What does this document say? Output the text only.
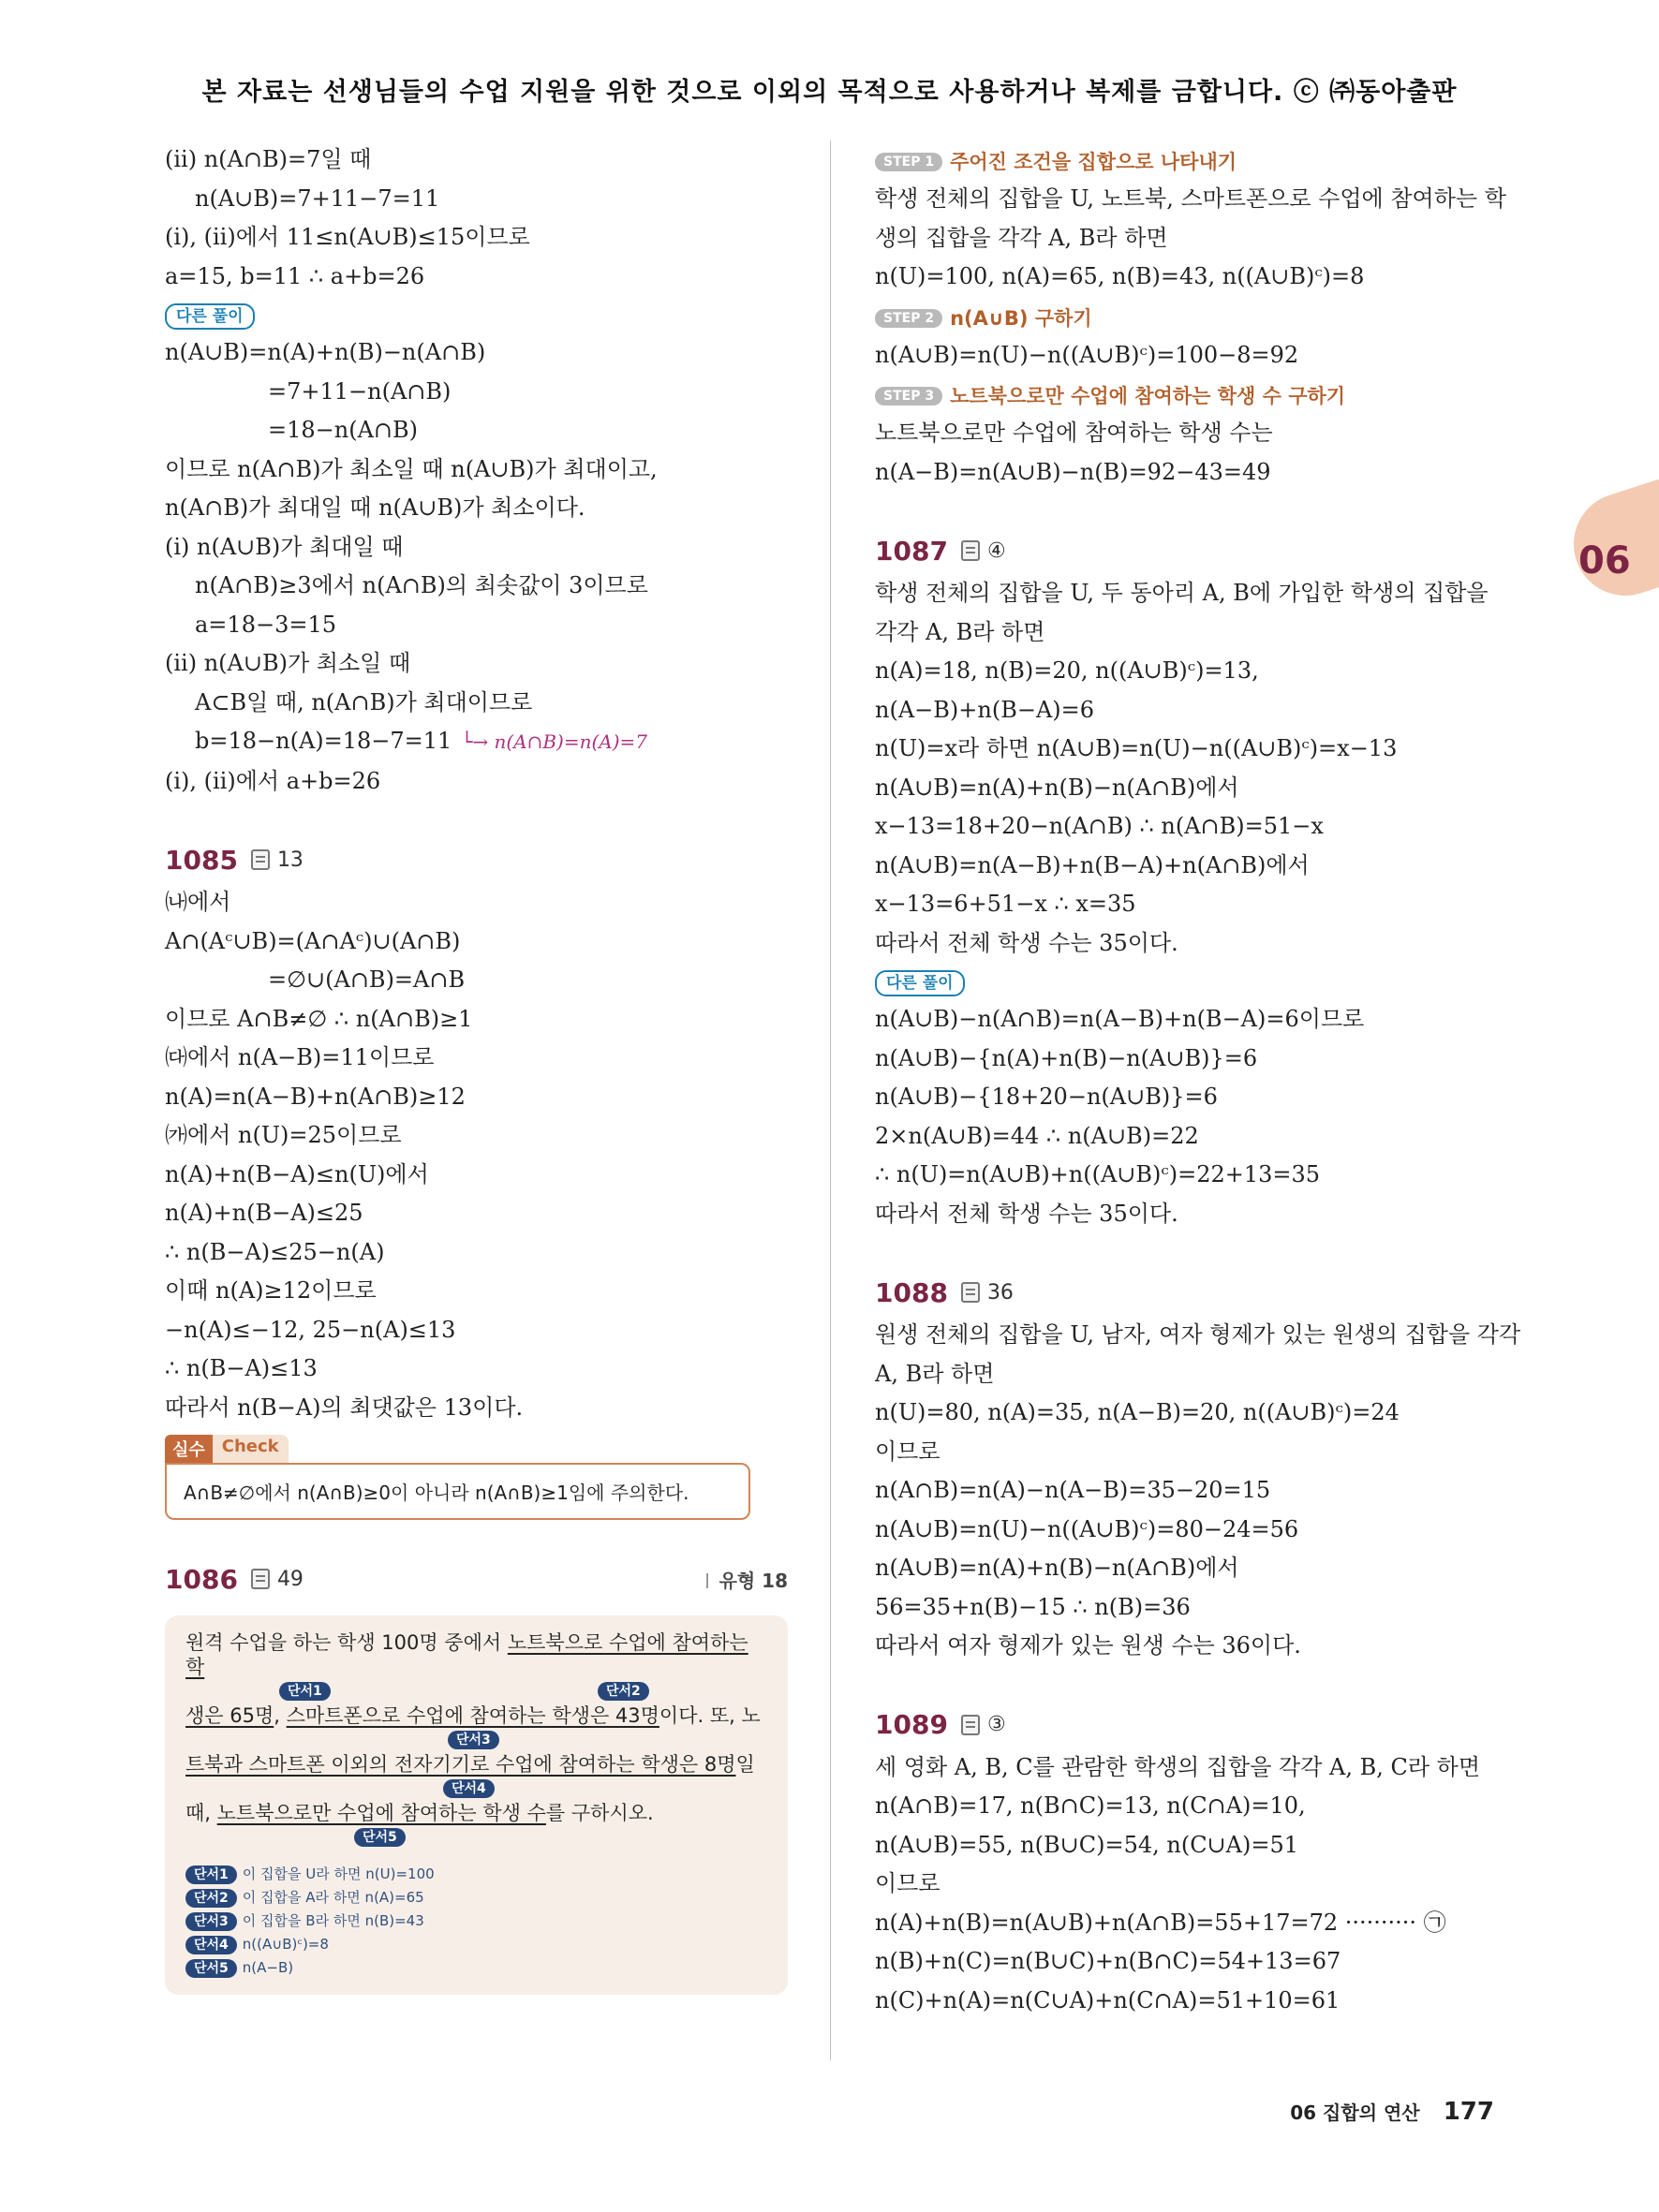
본 자료는 선생님들의 수업 지원을 위한 것으로 이외의 목적으로 사용하거나 복제를 금합니다. ⓒ ㈜동아출판
(ⅱ) n(A∩B)=7일 때
n(A∪B)=7+11−7=11
(ⅰ), (ⅱ)에서 11≤n(A∪B)≤15이므로
a=15, b=11 ∴ a+b=26
다른 풀이
n(A∪B)=n(A)+n(B)−n(A∩B)
=7+11−n(A∩B)
=18−n(A∩B)
이므로 n(A∩B)가 최소일 때 n(A∪B)가 최대이고,
n(A∩B)가 최대일 때 n(A∪B)가 최소이다.
(ⅰ) n(A∪B)가 최대일 때
n(A∩B)≥3에서 n(A∩B)의 최솟값이 3이므로
a=18−3=15
(ⅱ) n(A∪B)가 최소일 때
A⊂B일 때, n(A∩B)가 최대이므로
b=18−n(A)=18−7=11 └→ n(A∩B)=n(A)=7
(ⅰ), (ⅱ)에서 a+b=26
1085 13
㈏에서
A∩(Aᶜ∪B)=(A∩Aᶜ)∪(A∩B)
=∅∪(A∩B)=A∩B
이므로 A∩B≠∅ ∴ n(A∩B)≥1
㈐에서 n(A−B)=11이므로
n(A)=n(A−B)+n(A∩B)≥12
㈎에서 n(U)=25이므로
n(A)+n(B−A)≤n(U)에서
n(A)+n(B−A)≤25
∴ n(B−A)≤25−n(A)
이때 n(A)≥12이므로
−n(A)≤−12, 25−n(A)≤13
∴ n(B−A)≤13
따라서 n(B−A)의 최댓값은 13이다.
실수	Check
A∩B≠∅에서 n(A∩B)≥0이 아니라 n(A∩B)≥1임에 주의한다.
1086 49	유형 18
원격 수업을 하는 학생 100명 중에서 노트북으로 수업에 참여하는 학
단서1	단서2
생은 65명, 스마트폰으로 수업에 참여하는 학생은 43명이다. 또, 노
단서3
트북과 스마트폰 이외의 전자기기로 수업에 참여하는 학생은 8명일
단서4
때, 노트북으로만 수업에 참여하는 학생 수를 구하시오.
단서5
단서1 이 집합을 U라 하면 n(U)=100
단서2 이 집합을 A라 하면 n(A)=65
단서3 이 집합을 B라 하면 n(B)=43
단서4 n((A∪B)ᶜ)=8
단서5 n(A−B)
STEP 1 주어진 조건을 집합으로 나타내기
학생 전체의 집합을 U, 노트북, 스마트폰으로 수업에 참여하는 학
생의 집합을 각각 A, B라 하면
n(U)=100, n(A)=65, n(B)=43, n((A∪B)ᶜ)=8
STEP 2 n(A∪B) 구하기
n(A∪B)=n(U)−n((A∪B)ᶜ)=100−8=92
STEP 3 노트북으로만 수업에 참여하는 학생 수 구하기
노트북으로만 수업에 참여하는 학생 수는
n(A−B)=n(A∪B)−n(B)=92−43=49
1087 ④
학생 전체의 집합을 U, 두 동아리 A, B에 가입한 학생의 집합을
각각 A, B라 하면
n(A)=18, n(B)=20, n((A∪B)ᶜ)=13,
n(A−B)+n(B−A)=6
n(U)=x라 하면 n(A∪B)=n(U)−n((A∪B)ᶜ)=x−13
n(A∪B)=n(A)+n(B)−n(A∩B)에서
x−13=18+20−n(A∩B) ∴ n(A∩B)=51−x
n(A∪B)=n(A−B)+n(B−A)+n(A∩B)에서
x−13=6+51−x ∴ x=35
따라서 전체 학생 수는 35이다.
다른 풀이
n(A∪B)−n(A∩B)=n(A−B)+n(B−A)=6이므로
n(A∪B)−{n(A)+n(B)−n(A∪B)}=6
n(A∪B)−{18+20−n(A∪B)}=6
2×n(A∪B)=44 ∴ n(A∪B)=22
∴ n(U)=n(A∪B)+n((A∪B)ᶜ)=22+13=35
따라서 전체 학생 수는 35이다.
1088 36
원생 전체의 집합을 U, 남자, 여자 형제가 있는 원생의 집합을 각각
A, B라 하면
n(U)=80, n(A)=35, n(A−B)=20, n((A∪B)ᶜ)=24
이므로
n(A∩B)=n(A)−n(A−B)=35−20=15
n(A∪B)=n(U)−n((A∪B)ᶜ)=80−24=56
n(A∪B)=n(A)+n(B)−n(A∩B)에서
56=35+n(B)−15 ∴ n(B)=36
따라서 여자 형제가 있는 원생 수는 36이다.
1089 ③
세 영화 A, B, C를 관람한 학생의 집합을 각각 A, B, C라 하면
n(A∩B)=17, n(B∩C)=13, n(C∩A)=10,
n(A∪B)=55, n(B∪C)=54, n(C∪A)=51
이므로
n(A)+n(B)=n(A∪B)+n(A∩B)=55+17=72 ·········· ㉠
n(B)+n(C)=n(B∪C)+n(B∩C)=54+13=67
n(C)+n(A)=n(C∪A)+n(C∩A)=51+10=61
06
06 집합의 연산 177
